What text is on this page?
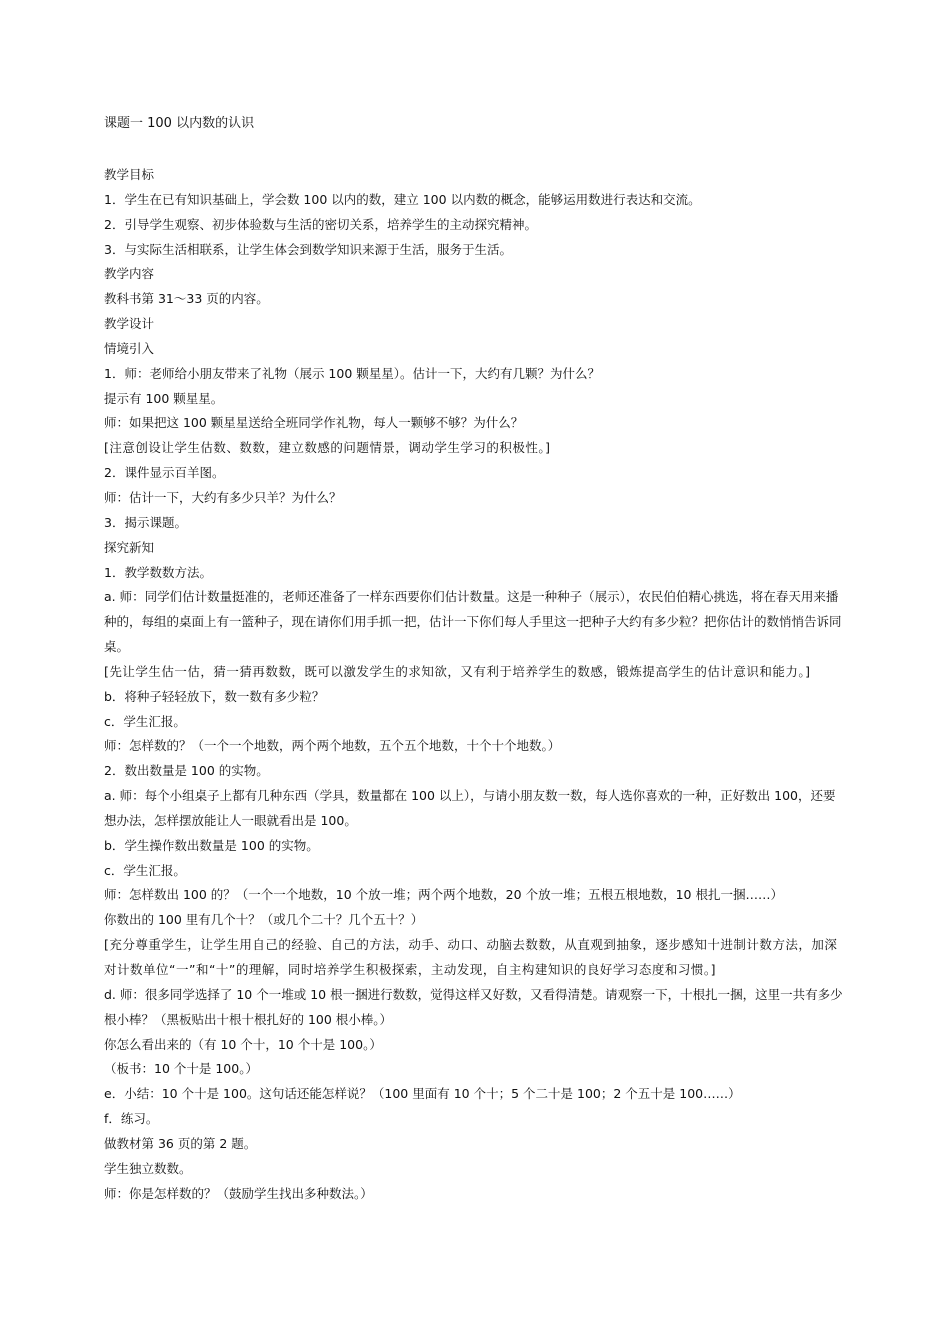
课题一 100 以内数的认识

教学目标

1．学生在已有知识基础上，学会数 100 以内的数，建立 100 以内数的概念，能够运用数进行表达和交流。

2．引导学生观察、初步体验数与生活的密切关系，培养学生的主动探究精神。

3．与实际生活相联系，让学生体会到数学知识来源于生活，服务于生活。

教学内容

教科书第 31～33 页的内容。

教学设计

情境引入

1．师：老师给小朋友带来了礼物（展示 100 颗星星）。估计一下，大约有几颗？为什么？

提示有 100 颗星星。

师：如果把这 100 颗星星送给全班同学作礼物，每人一颗够不够？为什么？

[注意创设让学生估数、数数，建立数感的问题情景，调动学生学习的积极性。]

2．课件显示百羊图。

师：估计一下，大约有多少只羊？为什么？

3．揭示课题。

探究新知

1．教学数数方法。

a. 师：同学们估计数量挺准的，老师还准备了一样东西要你们估计数量。这是一种种子（展示），农民伯伯精心挑选，将在春天用来播种的，每组的桌面上有一篮种子，现在请你们用手抓一把，估计一下你们每人手里这一把种子大约有多少粒？把你估计的数悄悄告诉同桌。

[先让学生估一估，猜一猜再数数，既可以激发学生的求知欲，又有利于培养学生的数感，锻炼提高学生的估计意识和能力。]

b．将种子轻轻放下，数一数有多少粒？

c．学生汇报。

师：怎样数的？（一个一个地数，两个两个地数，五个五个地数，十个十个地数。）

2．数出数量是 100 的实物。

a. 师：每个小组桌子上都有几种东西（学具，数量都在 100 以上），与请小朋友数一数，每人选你喜欢的一种，正好数出 100，还要想办法，怎样摆放能让人一眼就看出是 100。

b．学生操作数出数量是 100 的实物。

c．学生汇报。

师：怎样数出 100 的？（一个一个地数，10 个放一堆；两个两个地数，20 个放一堆；五根五根地数，10 根扎一捆……）

你数出的 100 里有几个十？（或几个二十？几个五十？）

[充分尊重学生，让学生用自己的经验、自己的方法，动手、动口、动脑去数数，从直观到抽象，逐步感知十进制计数方法，加深对计数单位“一”和“十”的理解，同时培养学生积极探索，主动发现，自主构建知识的良好学习态度和习惯。]

d. 师：很多同学选择了 10 个一堆或 10 根一捆进行数数，觉得这样又好数，又看得清楚。请观察一下，十根扎一捆，这里一共有多少根小棒？（黑板贴出十根十根扎好的 100 根小棒。）

你怎么看出来的（有 10 个十，10 个十是 100。）

（板书：10 个十是 100。）

e．小结：10 个十是 100。这句话还能怎样说？（100 里面有 10 个十；5 个二十是 100；2 个五十是 100……）

f．练习。

做教材第 36 页的第 2 题。

学生独立数数。

师：你是怎样数的？（鼓励学生找出多种数法。）
